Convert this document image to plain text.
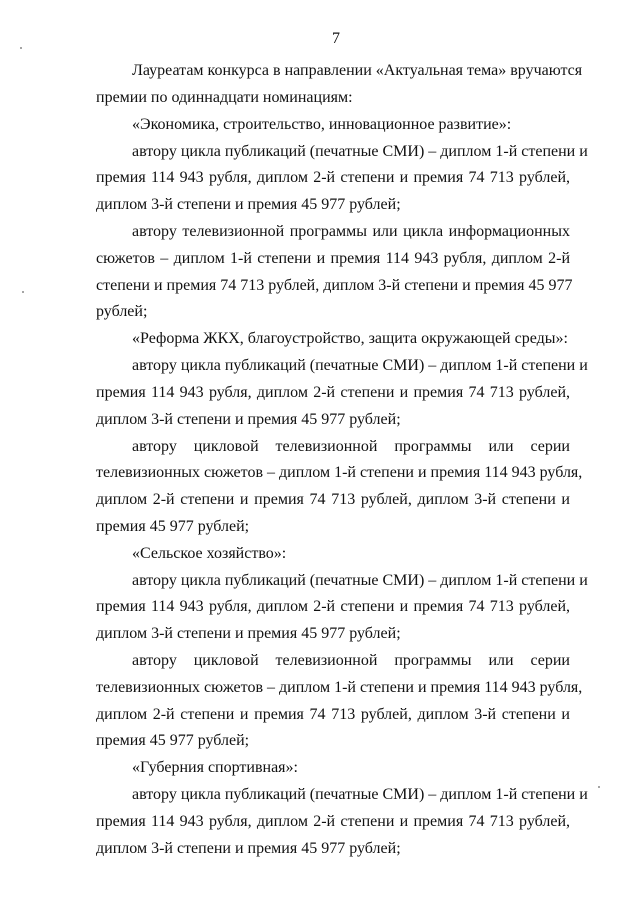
7
Лауреатам конкурса в направлении «Актуальная тема» вручаются
премии по одиннадцати номинациям:
«Экономика, строительство, инновационное развитие»:
автору цикла публикаций (печатные СМИ) – диплом 1-й степени и
премия 114 943 рубля, диплом 2-й степени и премия 74 713 рублей,
диплом 3-й степени и премия 45 977 рублей;
автору телевизионной программы или цикла информационных
сюжетов – диплом 1-й степени и премия 114 943 рубля, диплом 2-й
степени и премия 74 713 рублей, диплом 3-й степени и премия 45 977
рублей;
«Реформа ЖКХ, благоустройство, защита окружающей среды»:
автору цикла публикаций (печатные СМИ) – диплом 1-й степени и
премия 114 943 рубля, диплом 2-й степени и премия 74 713 рублей,
диплом 3-й степени и премия 45 977 рублей;
автору цикловой телевизионной программы или серии
телевизионных сюжетов – диплом 1-й степени и премия 114 943 рубля,
диплом 2-й степени и премия 74 713 рублей, диплом 3-й степени и
премия 45 977 рублей;
«Сельское хозяйство»:
автору цикла публикаций (печатные СМИ) – диплом 1-й степени и
премия 114 943 рубля, диплом 2-й степени и премия 74 713 рублей,
диплом 3-й степени и премия 45 977 рублей;
автору цикловой телевизионной программы или серии
телевизионных сюжетов – диплом 1-й степени и премия 114 943 рубля,
диплом 2-й степени и премия 74 713 рублей, диплом 3-й степени и
премия 45 977 рублей;
«Губерния спортивная»:
автору цикла публикаций (печатные СМИ) – диплом 1-й степени и
премия 114 943 рубля, диплом 2-й степени и премия 74 713 рублей,
диплом 3-й степени и премия 45 977 рублей;
